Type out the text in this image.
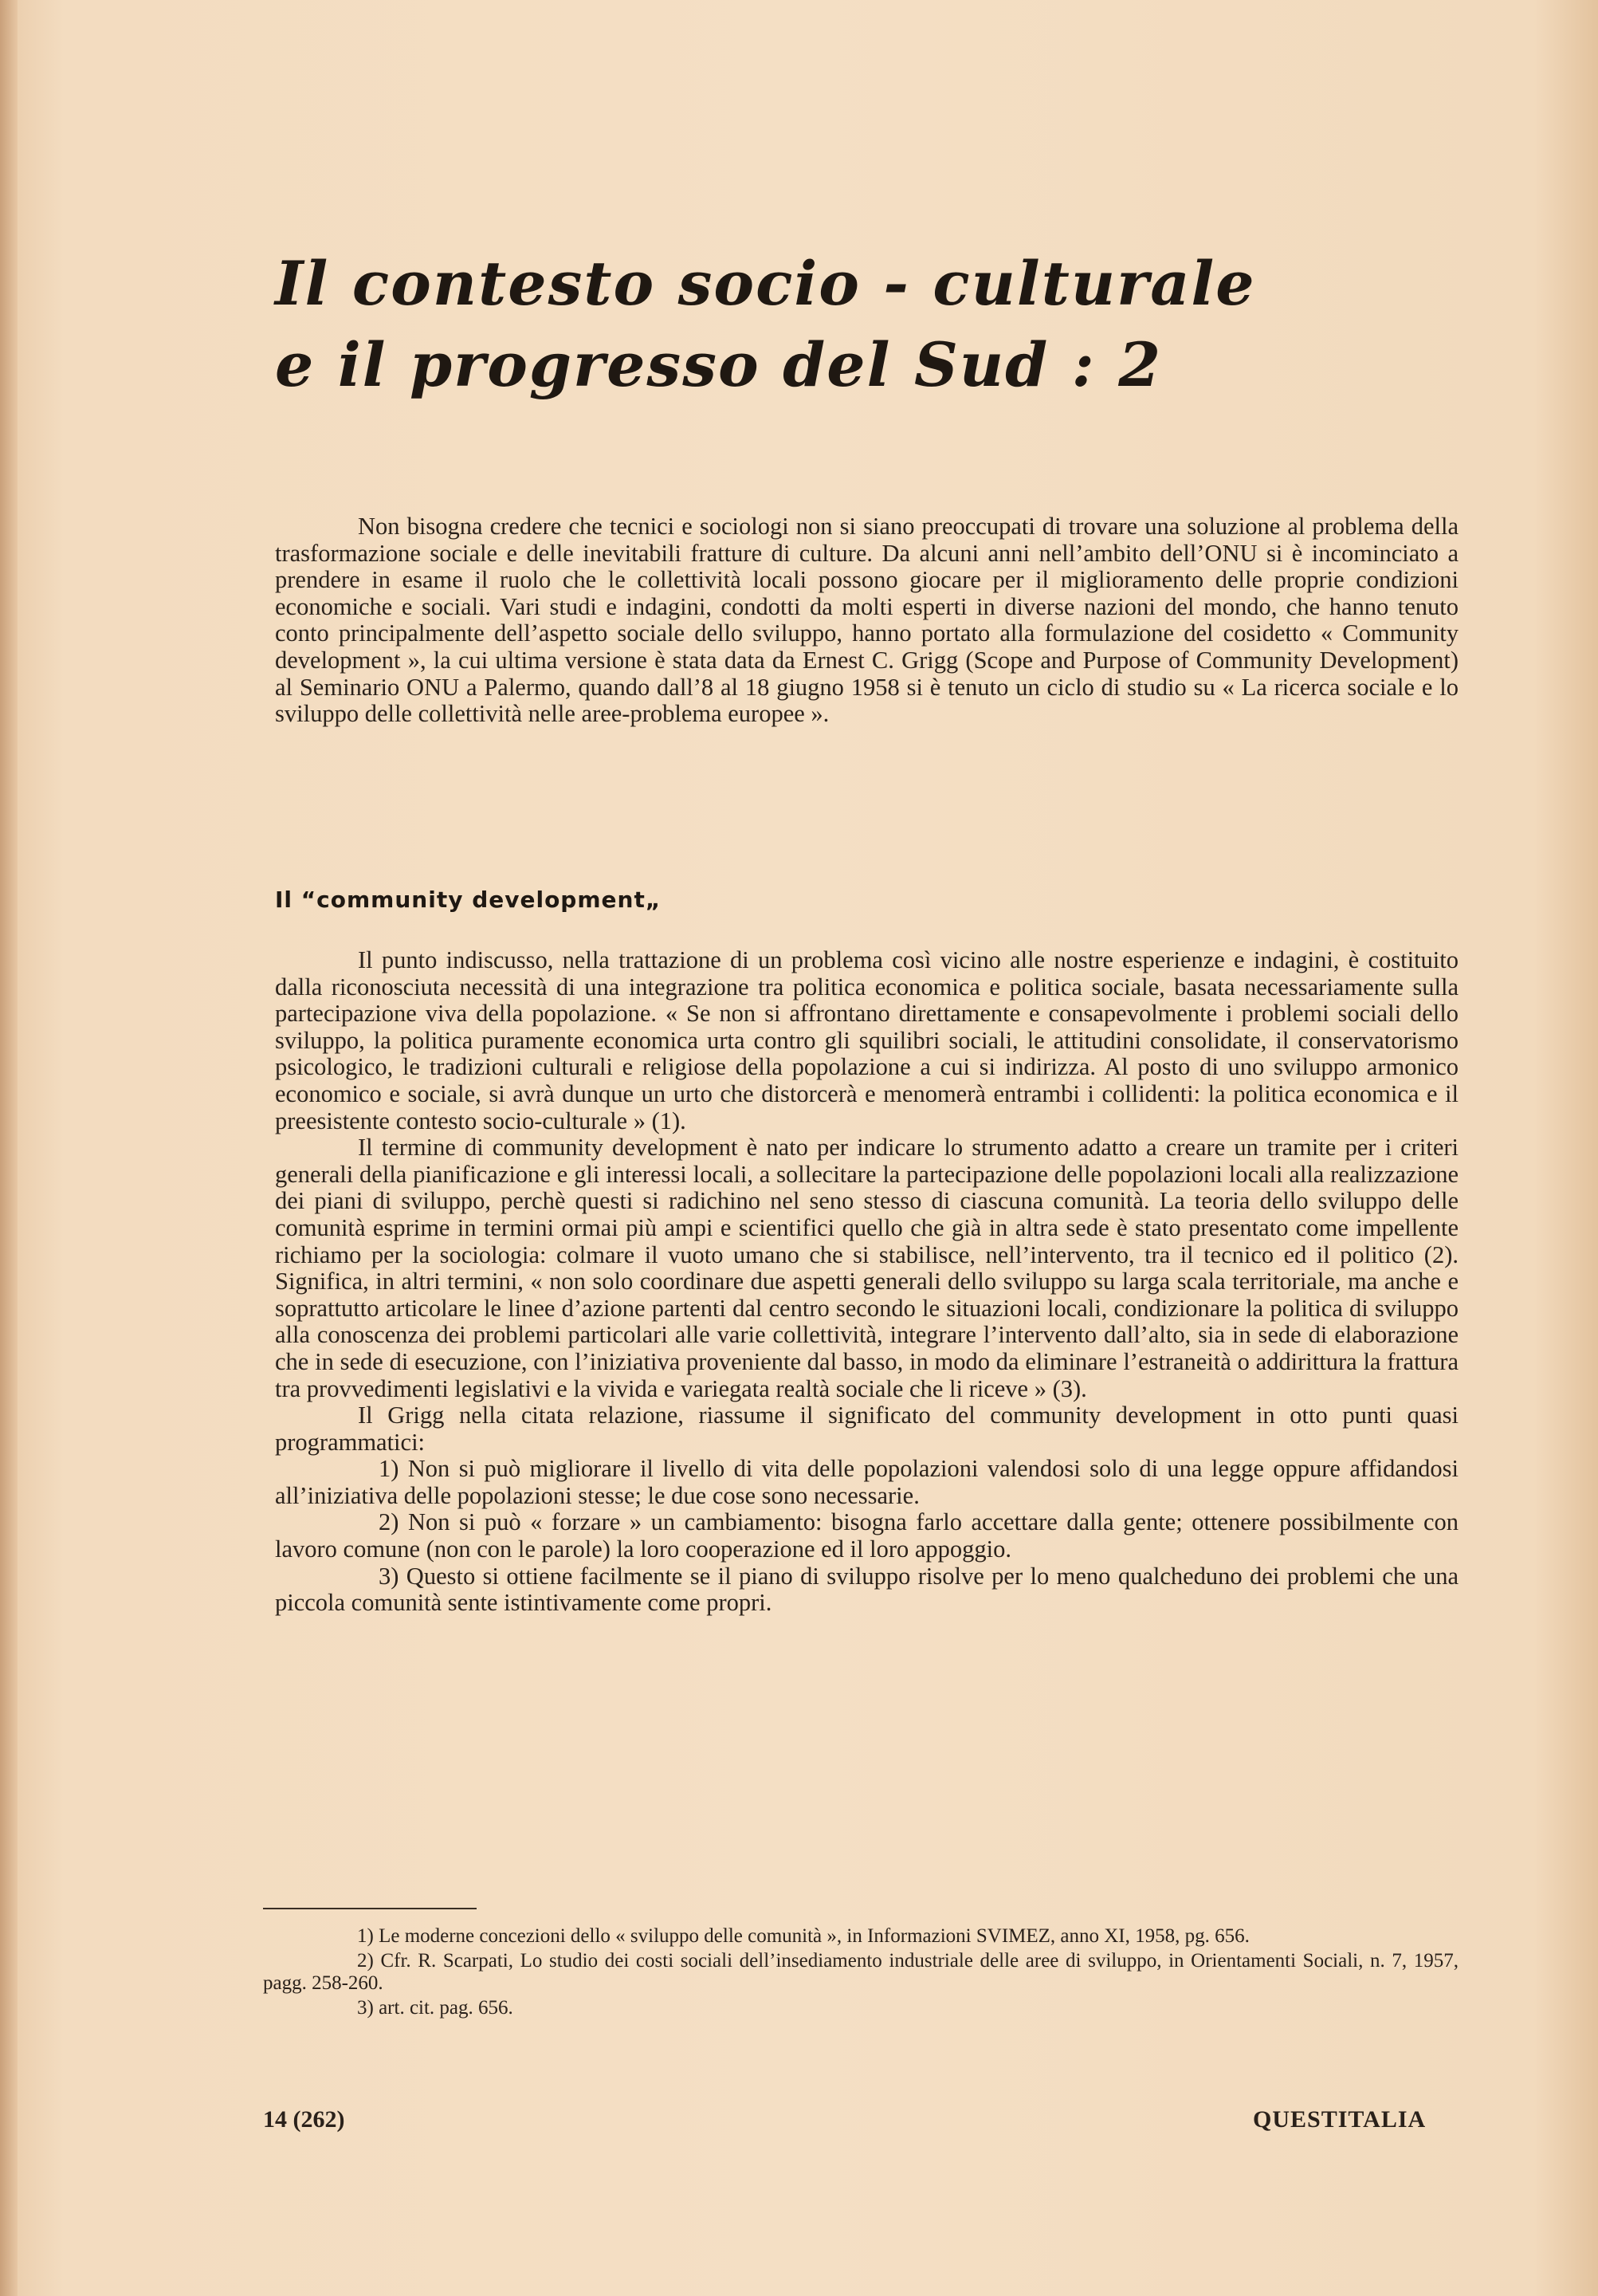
Il contesto socio - culturale
e il progresso del Sud : 2

Non bisogna credere che tecnici e sociologi non si siano preoccupati di trovare una soluzione al problema della trasformazione sociale e delle inevitabili fratture di culture. Da alcuni anni nell’ambito dell’ONU si è incominciato a prendere in esame il ruolo che le collettività locali possono giocare per il miglioramento delle proprie condizioni economiche e sociali. Vari studi e indagini, condotti da molti esperti in diverse nazioni del mondo, che hanno tenuto conto principalmente dell’aspetto sociale dello sviluppo, hanno portato alla formulazione del cosidetto « Community development », la cui ultima versione è stata data da Ernest C. Grigg (Scope and Purpose of Community Development) al Seminario ONU a Palermo, quando dall’8 al 18 giugno 1958 si è tenuto un ciclo di studio su « La ricerca sociale e lo sviluppo delle collettività nelle aree-problema europee ».

Il “community development„

Il punto indiscusso, nella trattazione di un problema così vicino alle nostre esperienze e indagini, è costituito dalla riconosciuta necessità di una integrazione tra politica economica e politica sociale, basata necessariamente sulla partecipazione viva della popolazione. « Se non si affrontano direttamente e consapevolmente i problemi sociali dello sviluppo, la politica puramente economica urta contro gli squilibri sociali, le attitudini consolidate, il conservatorismo psicologico, le tradizioni culturali e religiose della popolazione a cui si indirizza. Al posto di uno sviluppo armonico economico e sociale, si avrà dunque un urto che distorcerà e menomerà entrambi i collidenti: la politica economica e il preesistente contesto socio-culturale » (1).

Il termine di community development è nato per indicare lo strumento adatto a creare un tramite per i criteri generali della pianificazione e gli interessi locali, a sollecitare la partecipazione delle popolazioni locali alla realizzazione dei piani di sviluppo, perchè questi si radichino nel seno stesso di ciascuna comunità. La teoria dello sviluppo delle comunità esprime in termini ormai più ampi e scientifici quello che già in altra sede è stato presentato come impellente richiamo per la sociologia: colmare il vuoto umano che si stabilisce, nell’intervento, tra il tecnico ed il politico (2). Significa, in altri termini, « non solo coordinare due aspetti generali dello sviluppo su larga scala territoriale, ma anche e soprattutto articolare le linee d’azione partenti dal centro secondo le situazioni locali, condizionare la politica di sviluppo alla conoscenza dei problemi particolari alle varie collettività, integrare l’intervento dall’alto, sia in sede di elaborazione che in sede di esecuzione, con l’iniziativa proveniente dal basso, in modo da eliminare l’estraneità o addirittura la frattura tra provvedimenti legislativi e la vivida e variegata realtà sociale che li riceve » (3).

Il Grigg nella citata relazione, riassume il significato del community development in otto punti quasi programmatici:

1) Non si può migliorare il livello di vita delle popolazioni valendosi solo di una legge oppure affidandosi all’iniziativa delle popolazioni stesse; le due cose sono necessarie.

2) Non si può « forzare » un cambiamento: bisogna farlo accettare dalla gente; ottenere possibilmente con lavoro comune (non con le parole) la loro cooperazione ed il loro appoggio.

3) Questo si ottiene facilmente se il piano di sviluppo risolve per lo meno qualcheduno dei problemi che una piccola comunità sente istintivamente come propri.

1) Le moderne concezioni dello « sviluppo delle comunità », in Informazioni SVIMEZ, anno XI, 1958, pg. 656.

2) Cfr. R. Scarpati, Lo studio dei costi sociali dell’insediamento industriale delle aree di sviluppo, in Orientamenti Sociali, n. 7, 1957, pagg. 258-260.

3) art. cit. pag. 656.

14 (262)	QUESTITALIA
